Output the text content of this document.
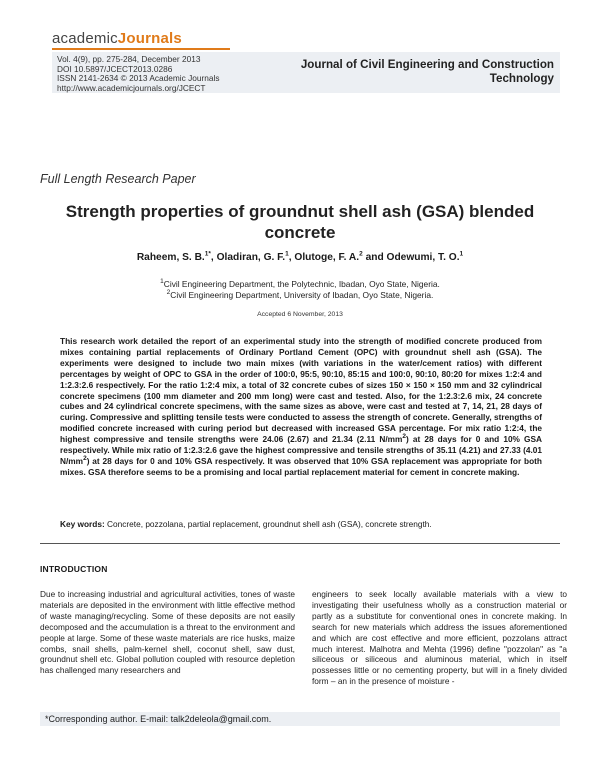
academicJournals
Vol. 4(9), pp. 275-284, December 2013
DOI 10.5897/JCECT2013.0286
ISSN 2141-2634 © 2013 Academic Journals
http://www.academicjournals.org/JCECT
Journal of Civil Engineering and Construction Technology
Full Length Research Paper
Strength properties of groundnut shell ash (GSA) blended concrete
Raheem, S. B.$^{1*}$, Oladiran, G. F.$^1$, Olutoge, F. A.$^2$ and Odewumi, T. O.$^1$
$^1$Civil Engineering Department, the Polytechnic, Ibadan, Oyo State, Nigeria.
$^2$Civil Engineering Department, University of Ibadan, Oyo State, Nigeria.
Accepted 6 November, 2013
This research work detailed the report of an experimental study into the strength of modified concrete produced from mixes containing partial replacements of Ordinary Portland Cement (OPC) with groundnut shell ash (GSA). The experiments were designed to include two main mixes (with variations in the water/cement ratios) with different percentages by weight of OPC to GSA in the order of 100:0, 95:5, 90:10, 85:15 and 100:0, 90:10, 80:20 for mixes 1:2:4 and 1:2.3:2.6 respectively. For the ratio 1:2:4 mix, a total of 32 concrete cubes of sizes 150 × 150 × 150 mm and 32 cylindrical concrete specimens (100 mm diameter and 200 mm long) were cast and tested. Also, for the 1:2.3:2.6 mix, 24 concrete cubes and 24 cylindrical concrete specimens, with the same sizes as above, were cast and tested at 7, 14, 21, 28 days of curing. Compressive and splitting tensile tests were conducted to assess the strength of concrete. Generally, strengths of modified concrete increased with curing period but decreased with increased GSA percentage. For mix ratio 1:2:4, the highest compressive and tensile strengths were 24.06 (2.67) and 21.34 (2.11 $N/mm^2$) at 28 days for 0 and 10% GSA respectively. While mix ratio of 1:2.3:2.6 gave the highest compressive and tensile strengths of 35.11 (4.21) and 27.33 (4.01 $N/mm^2$) at 28 days for 0 and 10% GSA respectively. It was observed that 10% GSA replacement was appropriate for both mixes. GSA therefore seems to be a promising and local partial replacement material for cement in concrete making.
Key words: Concrete, pozzolana, partial replacement, groundnut shell ash (GSA), concrete strength.
INTRODUCTION
Due to increasing industrial and agricultural activities, tones of waste materials are deposited in the environment with little effective method of waste managing/recycling. Some of these deposits are not easily decomposed and the accumulation is a threat to the environment and people at large. Some of these waste materials are rice husks, maize combs, snail shells, palm-kernel shell, coconut shell, saw dust, groundnut shell etc. Global pollution coupled with resource depletion has challenged many researchers and
engineers to seek locally available materials with a view to investigating their usefulness wholly as a construction material or partly as a substitute for conventional ones in concrete making. In search for new materials which address the issues aforementioned and which are cost effective and more efficient, pozzolans attract much interest. Malhotra and Mehta (1996) define "pozzolan" as "a siliceous or siliceous and aluminous material, which in itself possesses little or no cementing property, but will in a finely divided form – an in the presence of moisture -
*Corresponding author. E-mail: talk2deleola@gmail.com.
